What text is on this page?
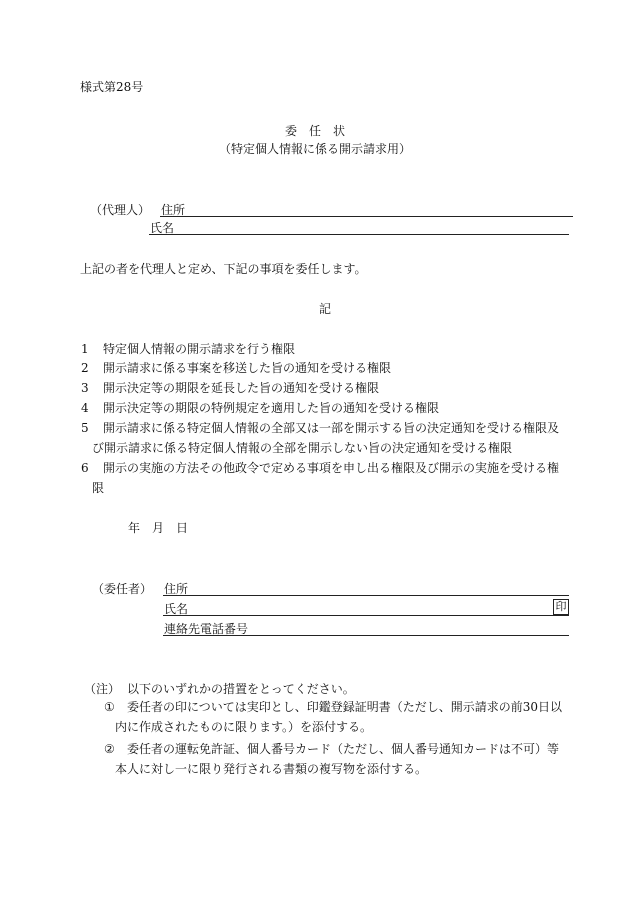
様式第28号
委　任　状
（特定個人情報に係る開示請求用）
（代理人） 住所
氏名
上記の者を代理人と定め、下記の事項を委任します。
記
1 特定個人情報の開示請求を行う権限
2 開示請求に係る事案を移送した旨の通知を受ける権限
3 開示決定等の期限を延長した旨の通知を受ける権限
4 開示決定等の期限の特例規定を適用した旨の通知を受ける権限
5 開示請求に係る特定個人情報の全部又は一部を開示する旨の決定通知を受ける権限及
び開示請求に係る特定個人情報の全部を開示しない旨の決定通知を受ける権限
6 開示の実施の方法その他政令で定める事項を申し出る権限及び開示の実施を受ける権
限
年　月　日
（委任者） 住所
氏名	印
連絡先電話番号
（注） 以下のいずれかの措置をとってください。
① 委任者の印については実印とし、印鑑登録証明書（ただし、開示請求の前30日以
内に作成されたものに限ります。）を添付する。
② 委任者の運転免許証、個人番号カード（ただし、個人番号通知カードは不可）等
本人に対し一に限り発行される書類の複写物を添付する。
